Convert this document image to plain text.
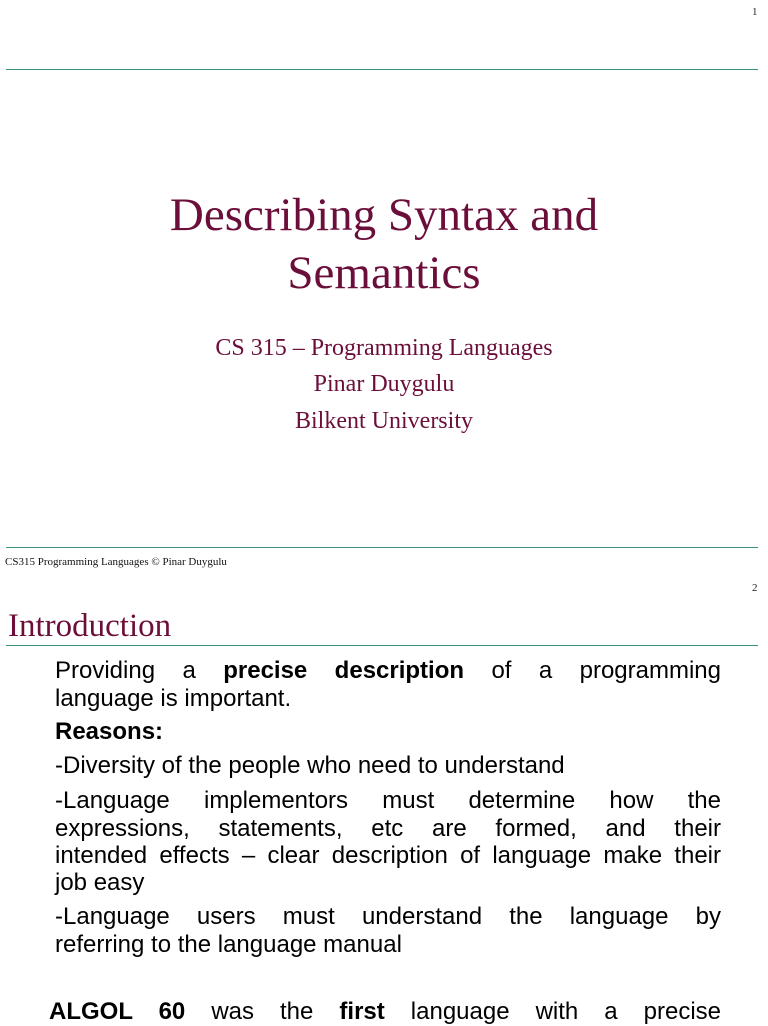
1
Describing Syntax and
Semantics
CS 315 – Programming Languages
Pinar Duygulu
Bilkent University
CS315 Programming Languages © Pinar Duygulu
2
Introduction
Providing a precise description of a programming
language is important.
Reasons:
-Diversity of the people who need to understand
-Language implementors must determine how the
expressions, statements, etc are formed, and their
intended effects – clear description of language make their
job easy
-Language users must understand the language by
referring to the language manual
ALGOL 60 was the first language with a precise
